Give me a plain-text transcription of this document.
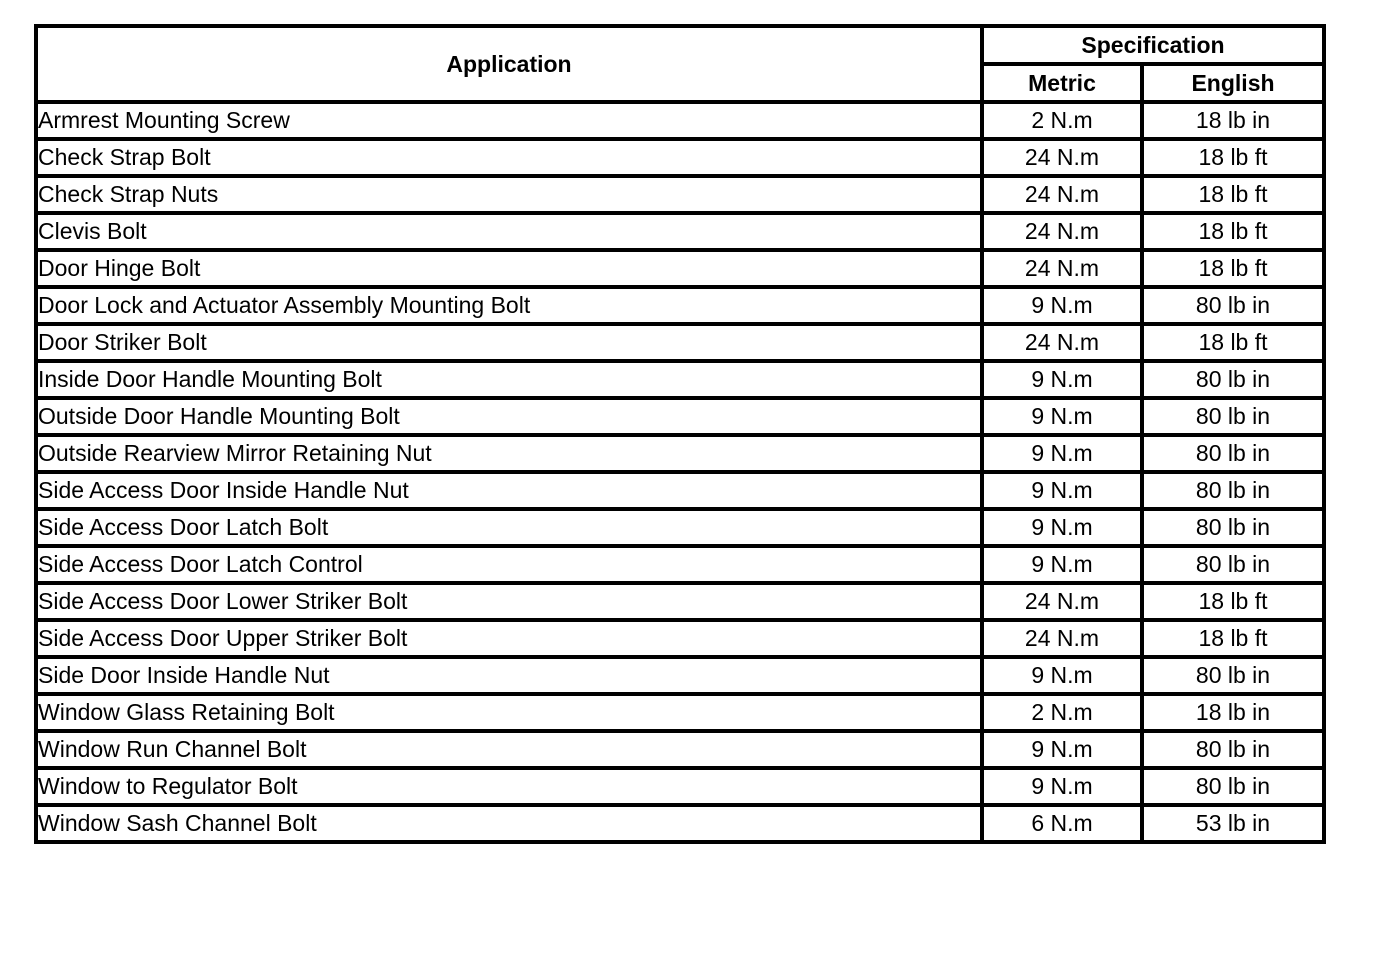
Application	Specification	
	Metric	English
Armrest Mounting Screw	2 N.m	18 lb in
Check Strap Bolt	24 N.m	18 lb ft
Check Strap Nuts	24 N.m	18 lb ft
Clevis Bolt	24 N.m	18 lb ft
Door Hinge Bolt	24 N.m	18 lb ft
Door Lock and Actuator Assembly Mounting Bolt	9 N.m	80 lb in
Door Striker Bolt	24 N.m	18 lb ft
Inside Door Handle Mounting Bolt	9 N.m	80 lb in
Outside Door Handle Mounting Bolt	9 N.m	80 lb in
Outside Rearview Mirror Retaining Nut	9 N.m	80 lb in
Side Access Door Inside Handle Nut	9 N.m	80 lb in
Side Access Door Latch Bolt	9 N.m	80 lb in
Side Access Door Latch Control	9 N.m	80 lb in
Side Access Door Lower Striker Bolt	24 N.m	18 lb ft
Side Access Door Upper Striker Bolt	24 N.m	18 lb ft
Side Door Inside Handle Nut	9 N.m	80 lb in
Window Glass Retaining Bolt	2 N.m	18 lb in
Window Run Channel Bolt	9 N.m	80 lb in
Window to Regulator Bolt	9 N.m	80 lb in
Window Sash Channel Bolt	6 N.m	53 lb in
